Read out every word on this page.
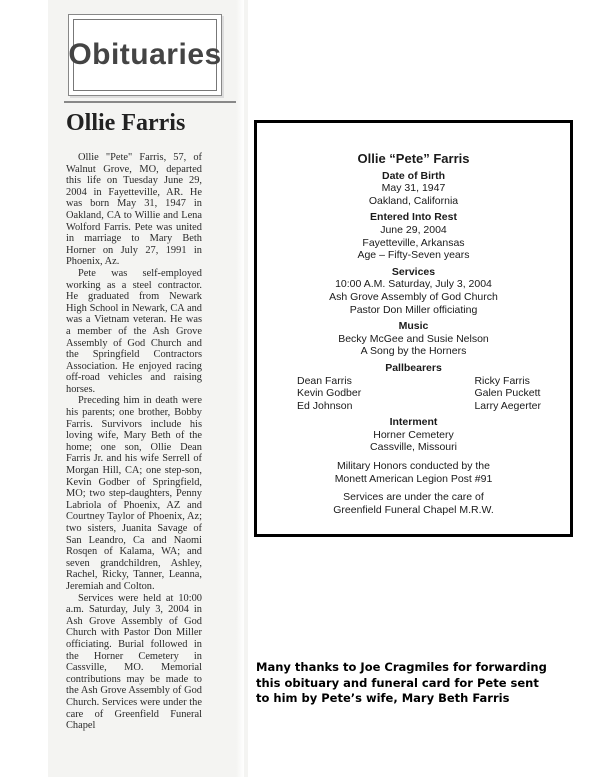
Obituaries
Ollie Farris

Ollie "Pete" Farris, 57, of Walnut Grove, MO, departed this life on Tuesday June 29, 2004 in Fayetteville, AR. He was born May 31, 1947 in Oakland, CA to Willie and Lena Wolford Farris. Pete was united in marriage to Mary Beth Horner on July 27, 1991 in Phoenix, Az.

Pete was self-employed working as a steel contractor. He graduated from Newark High School in Newark, CA and was a Vietnam veteran. He was a member of the Ash Grove Assembly of God Church and the Springfield Contractors Association. He enjoyed racing off-road vehicles and raising horses.

Preceding him in death were his parents; one brother, Bobby Farris. Survivors include his loving wife, Mary Beth of the home; one son, Ollie Dean Farris Jr. and his wife Serrell of Morgan Hill, CA; one step-son, Kevin Godber of Springfield, MO; two step-daughters, Penny Labriola of Phoenix, AZ and Courtney Taylor of Phoenix, Az; two sisters, Juanita Savage of San Leandro, Ca and Naomi Rosqen of Kalama, WA; and seven grandchildren, Ashley, Rachel, Ricky, Tanner, Leanna, Jeremiah and Colton.

Services were held at 10:00 a.m. Saturday, July 3, 2004 in Ash Grove Assembly of God Church with Pastor Don Miller officiating. Burial followed in the Horner Cemetery in Cassville, MO. Memorial contributions may be made to the Ash Grove Assembly of God Church. Services were under the care of Greenfield Funeral Chapel

Ollie “Pete” Farris
Date of Birth
May 31, 1947
Oakland, California
Entered Into Rest
June 29, 2004
Fayetteville, Arkansas
Age – Fifty-Seven years
Services
10:00 A.M. Saturday, July 3, 2004
Ash Grove Assembly of God Church
Pastor Don Miller officiating
Music
Becky McGee and Susie Nelson
A Song by the Horners
Pallbearers
Dean Farris
Kevin Godber
Ed Johnson
Ricky Farris
Galen Puckett
Larry Aegerter
Interment
Horner Cemetery
Cassville, Missouri
Military Honors conducted by the
Monett American Legion Post #91
Services are under the care of
Greenfield Funeral Chapel M.R.W.
Many thanks to Joe Cragmiles for forwarding
this obituary and funeral card for Pete sent
to him by Pete’s wife, Mary Beth Farris
